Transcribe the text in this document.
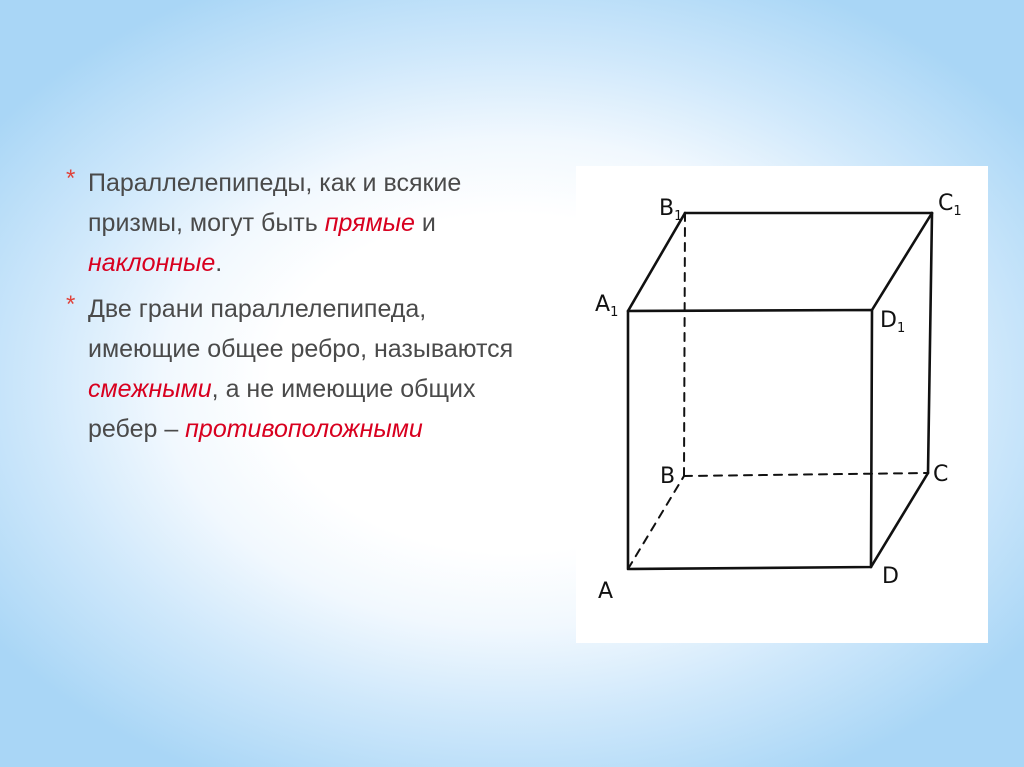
* Параллелепипеды, как и всякие призмы, могут быть прямые и наклонные.
* Две грани параллелепипеда, имеющие общее ребро, называются смежными, а не имеющие общих ребер – противоположными
$B_1$
$C_1$
$A_1$	$D_1$
B	C
D
A
